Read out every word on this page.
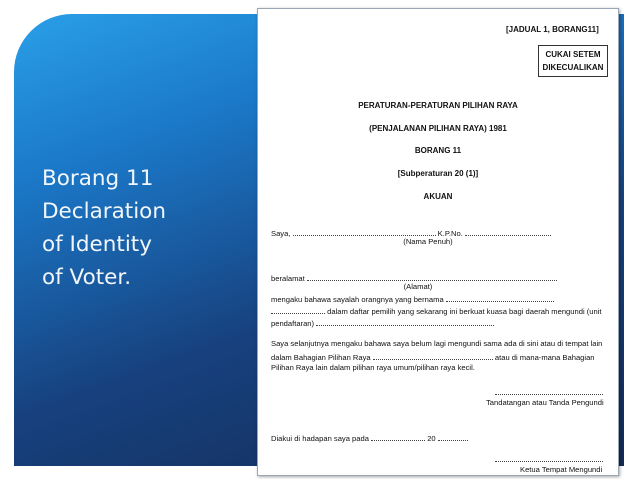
Borang 11
Declaration
of Identity
of Voter.
[JADUAL 1, BORANG11]
CUKAI SETEM
DIKECUALIKAN
PERATURAN-PERATURAN PILIHAN RAYA
(PENJALANAN PILIHAN RAYA) 1981
BORANG 11
[Subperaturan 20 (1)]
AKUAN
Saya,	K.P.No.
(Nama Penuh)
beralamat
(Alamat)
mengaku bahawa sayalah orangnya yang bernama
dalam daftar pemilih yang sekarang ini berkuat kuasa bagi daerah mengundi (unit
pendaftaran)
Saya selanjutnya mengaku bahawa saya belum lagi mengundi sama ada di sini atau di tempat lain
dalam Bahagian Pilihan Raya	atau di mana-mana Bahagian
Pilihan Raya lain dalam pilihan raya umum/pilihan raya kecil.
Tandatangan atau Tanda Pengundi
Diakui di hadapan saya pada	20
Ketua Tempat Mengundi
